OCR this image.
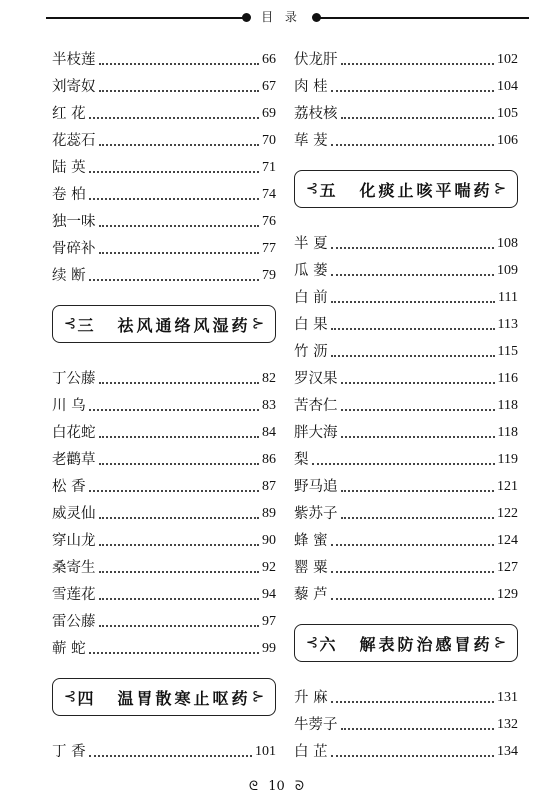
目 录
半枝莲	66
刘寄奴	67
红 花	69
花蕊石	70
陆 英	71
卷 柏	74
独一味	76
骨碎补	77
续 断	79
⊰ 三 祛风通络风湿药 ⊱
丁公藤	82
川 乌	83
白花蛇	84
老鹳草	86
松 香	87
威灵仙	89
穿山龙	90
桑寄生	92
雪莲花	94
雷公藤	97
蕲 蛇	99
⊰ 四 温胃散寒止呕药 ⊱
丁 香	101
伏龙肝	102
肉 桂	104
荔枝核	105
荜 茇	106
⊰ 五 化痰止咳平喘药 ⊱
半 夏	108
瓜 蒌	109
白 前	111
白 果	113
竹 沥	115
罗汉果	116
苦杏仁	118
胖大海	118
梨	119
野马追	121
紫苏子	122
蜂 蜜	124
罂 粟	127
藜 芦	129
⊰ 六 解表防治感冒药 ⊱
升 麻	131
牛蒡子	132
白 芷	134
ᘓ 10 ᘐ
